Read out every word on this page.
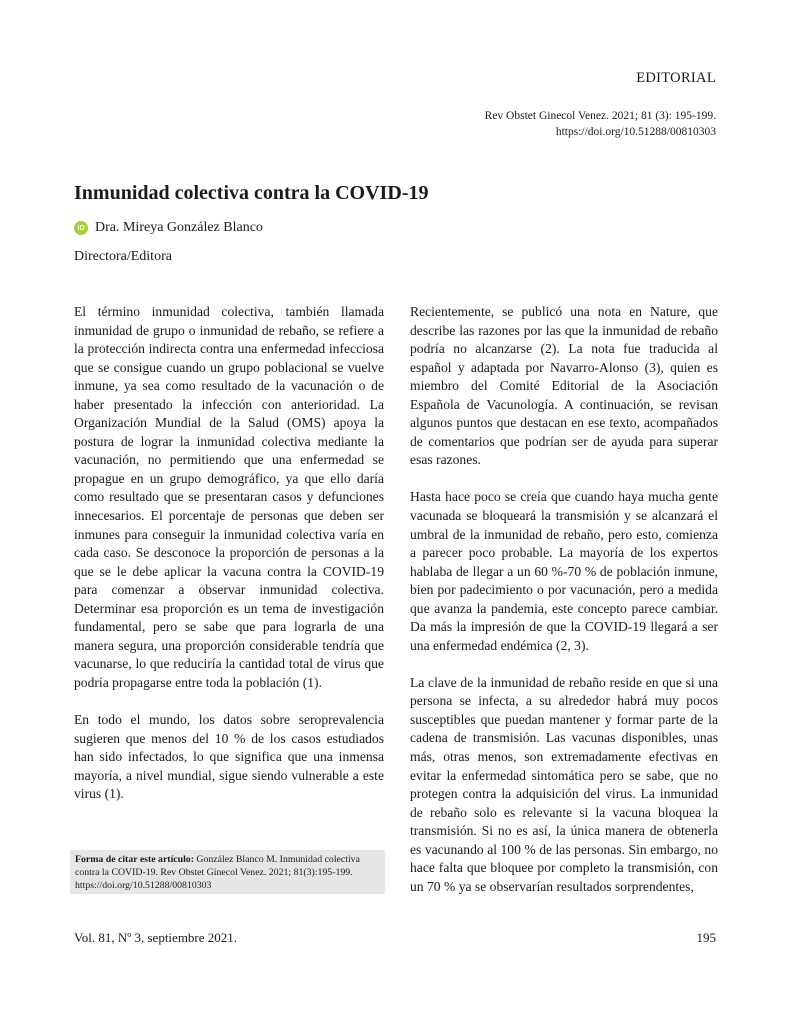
EDITORIAL
Rev Obstet Ginecol Venez. 2021; 81 (3): 195-199.
https://doi.org/10.51288/00810303
Inmunidad colectiva contra la COVID-19
iD Dra. Mireya González Blanco
Directora/Editora

El término inmunidad colectiva, también llamada inmunidad de grupo o inmunidad de rebaño, se refiere a la protección indirecta contra una enfermedad infecciosa que se consigue cuando un grupo poblacional se vuelve inmune, ya sea como resultado de la vacunación o de haber presentado la infección con anterioridad. La Organización Mundial de la Salud (OMS) apoya la postura de lograr la inmunidad colectiva mediante la vacunación, no permitiendo que una enfermedad se propague en un grupo demográfico, ya que ello daría como resultado que se presentaran casos y defunciones innecesarios. El porcentaje de personas que deben ser inmunes para conseguir la inmunidad colectiva varía en cada caso. Se desconoce la proporción de personas a la que se le debe aplicar la vacuna contra la COVID-19 para comenzar a observar inmunidad colectiva. Determinar esa proporción es un tema de investigación fundamental, pero se sabe que para lograrla de una manera segura, una proporción considerable tendría que vacunarse, lo que reduciría la cantidad total de virus que podría propagarse entre toda la población (1).

En todo el mundo, los datos sobre seroprevalencia sugieren que menos del 10 % de los casos estudiados han sido infectados, lo que significa que una inmensa mayoría, a nivel mundial, sigue siendo vulnerable a este virus (1).

Recientemente, se publicó una nota en Nature, que describe las razones por las que la inmunidad de rebaño podría no alcanzarse (2). La nota fue traducida al español y adaptada por Navarro-Alonso (3), quien es miembro del Comité Editorial de la Asociación Española de Vacunología. A continuación, se revisan algunos puntos que destacan en ese texto, acompañados de comentarios que podrían ser de ayuda para superar esas razones.

Hasta hace poco se creía que cuando haya mucha gente vacunada se bloqueará la transmisión y se alcanzará el umbral de la inmunidad de rebaño, pero esto, comienza a parecer poco probable. La mayoría de los expertos hablaba de llegar a un 60 %-70 % de población inmune, bien por padecimiento o por vacunación, pero a medida que avanza la pandemia, este concepto parece cambiar. Da más la impresión de que la COVID-19 llegará a ser una enfermedad endémica (2, 3).

La clave de la inmunidad de rebaño reside en que si una persona se infecta, a su alrededor habrá muy pocos susceptibles que puedan mantener y formar parte de la cadena de transmisión. Las vacunas disponibles, unas más, otras menos, son extremadamente efectivas en evitar la enfermedad sintomática pero se sabe, que no protegen contra la adquisición del virus. La inmunidad de rebaño solo es relevante si la vacuna bloquea la transmisión. Si no es así, la única manera de obtenerla es vacunando al 100 % de las personas. Sin embargo, no hace falta que bloquee por completo la transmisión, con un 70 % ya se observarían resultados sorprendentes,

Forma de citar este artículo: González Blanco M. Inmunidad colectiva contra la COVID-19. Rev Obstet Ginecol Venez. 2021; 81(3):195-199. https://doi.org/10.51288/00810303
Vol. 81, Nº 3, septiembre 2021.	195
